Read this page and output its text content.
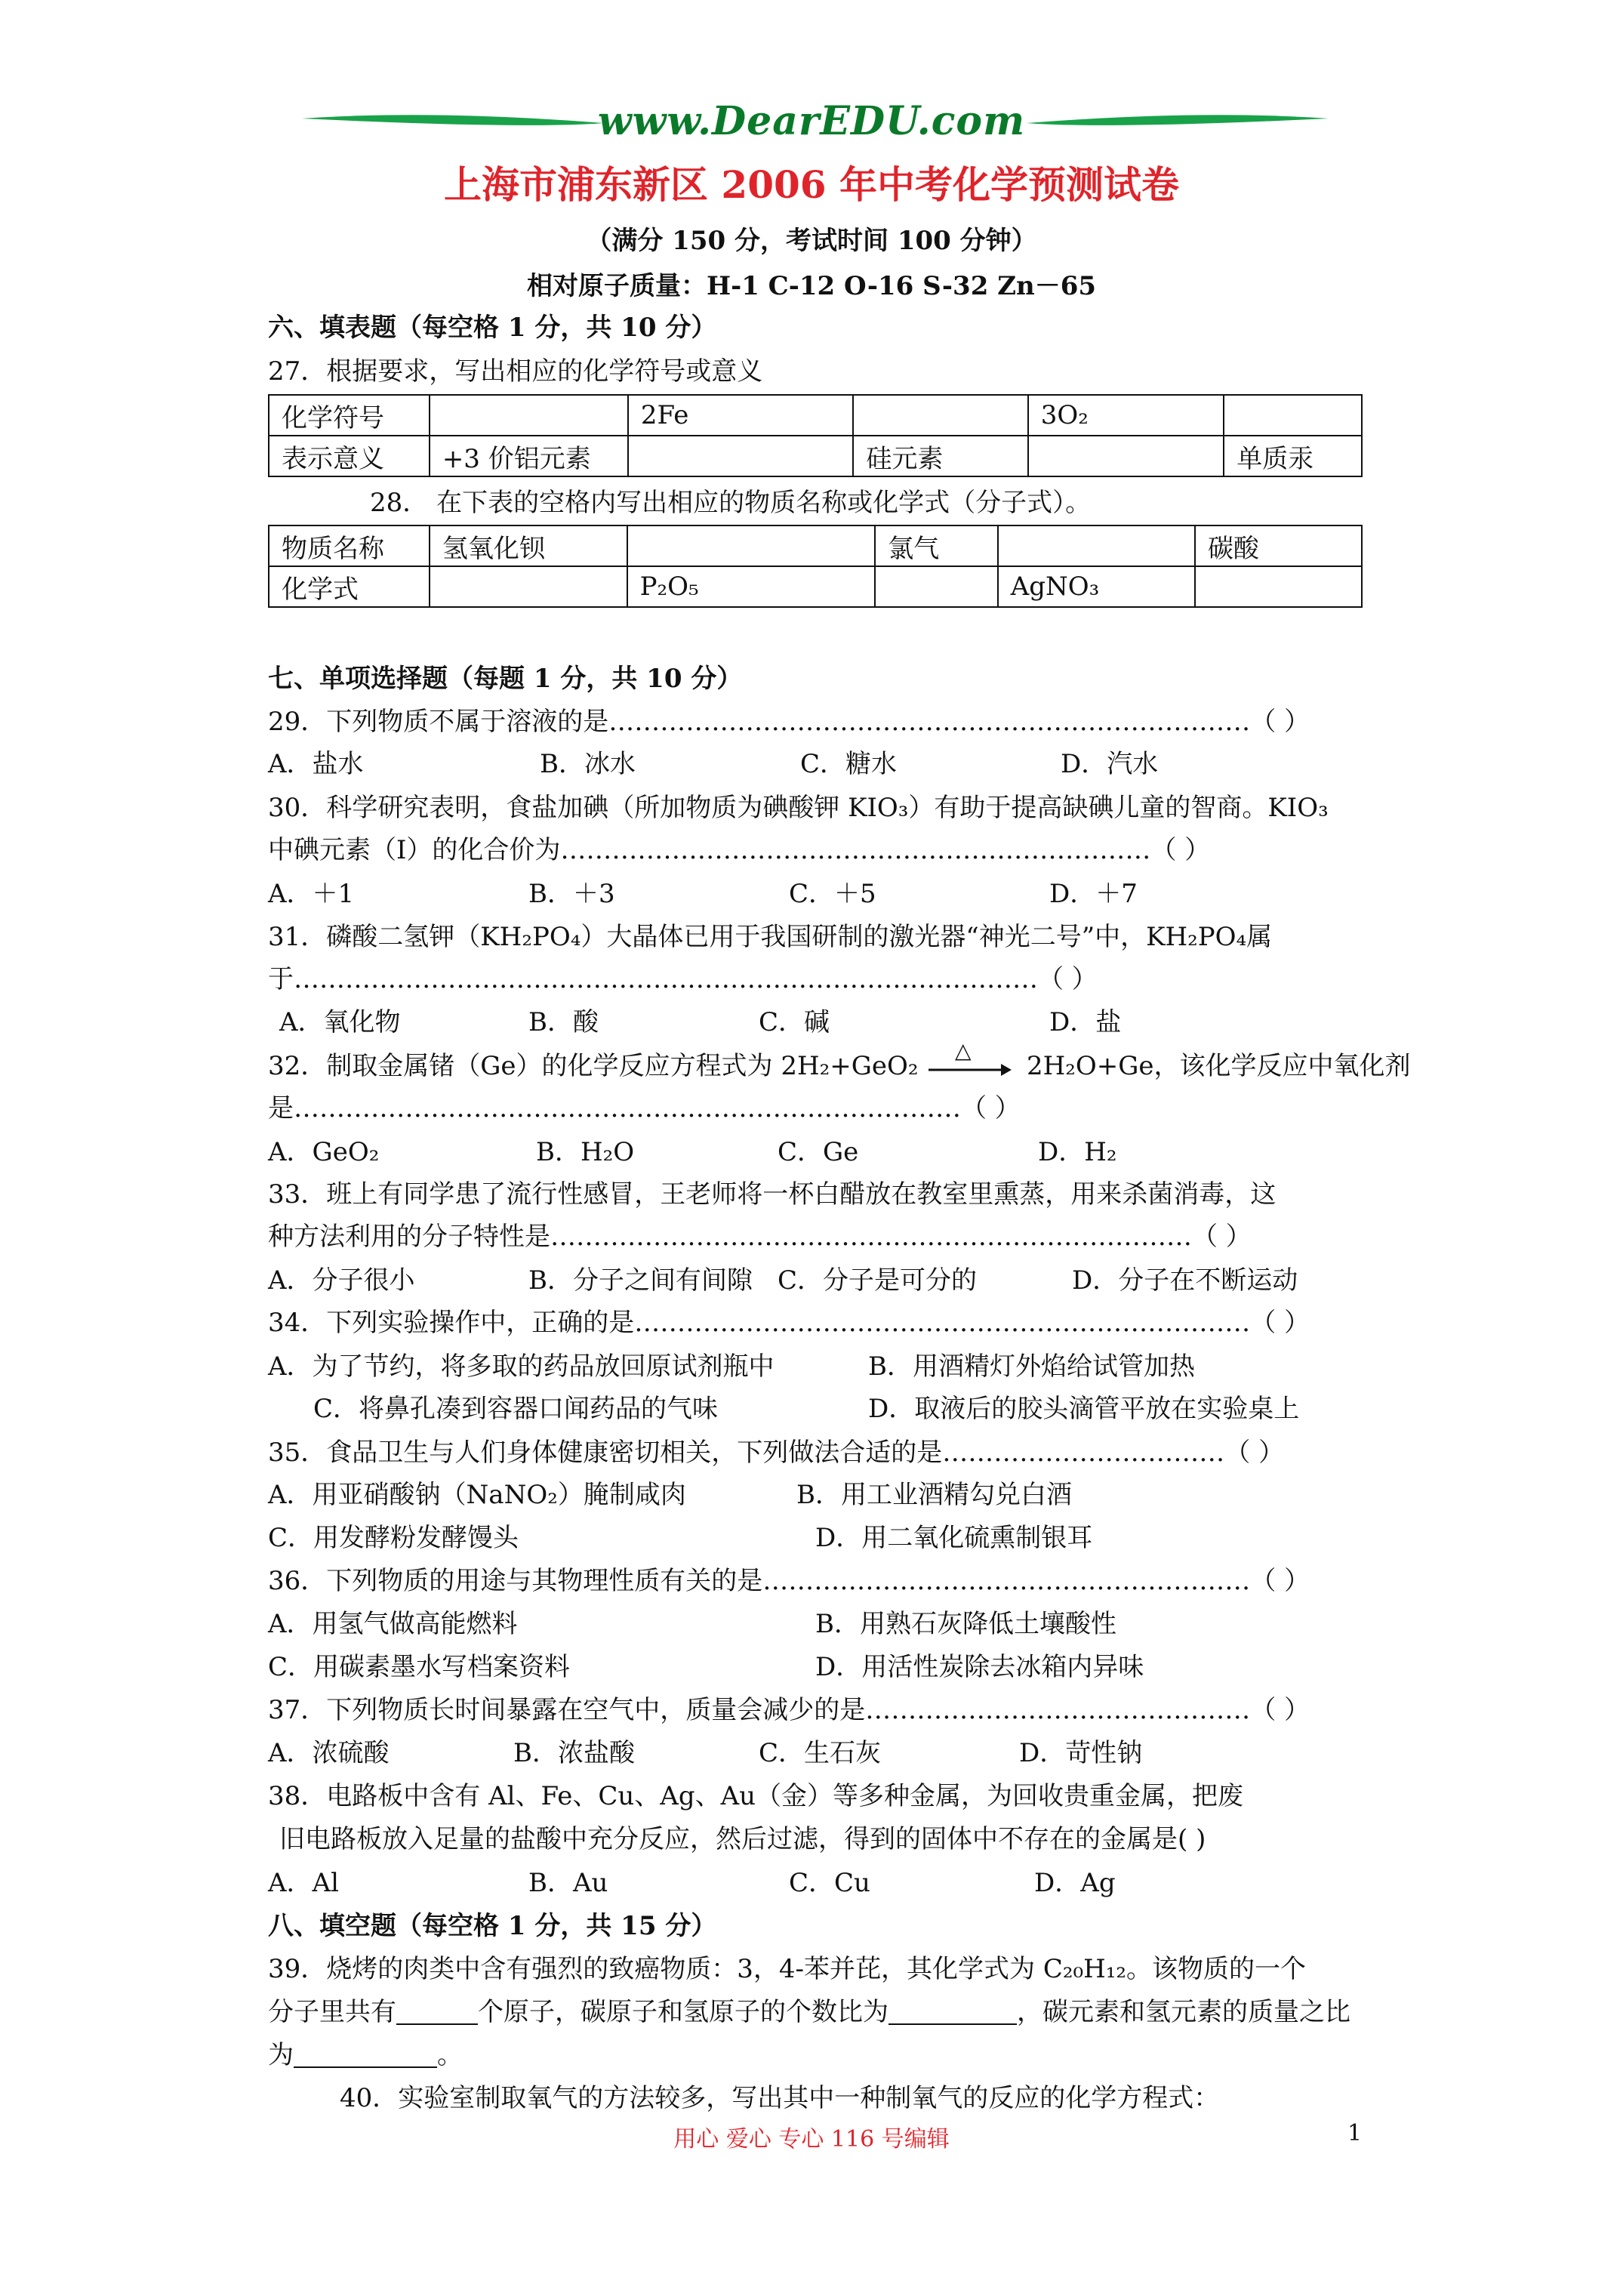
www.DearEDU.com
上海市浦东新区 2006 年中考化学预测试卷
（满分 150 分，考试时间 100 分钟）
相对原子质量：H-1 C-12 O-16 S-32 Zn－65
六、填表题（每空格 1 分，共 10 分）
27．根据要求，写出相应的化学符号或意义
化学符号		2Fe		3O₂	
表示意义	+3 价铝元素		硅元素		单质汞
28． 在下表的空格内写出相应的物质名称或化学式（分子式）。
物质名称	氢氧化钡		氯气		碳酸
化学式		P₂O₅		AgNO₃	
七、单项选择题（每题 1 分，共 10 分）
29．下列物质不属于溶液的是…………………………………………………………………（ ）
A．盐水	B．冰水	C．糖水	D．汽水
30．科学研究表明，食盐加碘（所加物质为碘酸钾 KIO₃）有助于提高缺碘儿童的智商。KIO₃
中碘元素（I）的化合价为……………………………………………………………（ ）
A．＋1	B．＋3	C．＋5	D．＋7
31．磷酸二氢钾（KH₂PO₄）大晶体已用于我国研制的激光器“神光二号”中，KH₂PO₄属
于……………………………………………………………………………（ ）
A．氧化物	B．酸	C．碱	D．盐
32．制取金属锗（Ge）的化学反应方程式为 2H₂+GeO₂
△
2H₂O+Ge，该化学反应中氧化剂
是……………………………………………………………………（ ）
A．GeO₂	B．H₂O	C．Ge	D．H₂
33．班上有同学患了流行性感冒，王老师将一杯白醋放在教室里熏蒸，用来杀菌消毒，这
种方法利用的分子特性是…………………………………………………………………（ ）
A．分子很小	B．分子之间有间隙 C．分子是可分的	D．分子在不断运动
34．下列实验操作中，正确的是………………………………………………………………（ ）
A．为了节约，将多取的药品放回原试剂瓶中	B．用酒精灯外焰给试管加热
C．将鼻孔凑到容器口闻药品的气味	D．取液后的胶头滴管平放在实验桌上
35．食品卫生与人们身体健康密切相关，下列做法合适的是……………………………（ ）
A．用亚硝酸钠（NaNO₂）腌制咸肉	B．用工业酒精勾兑白酒
C．用发酵粉发酵馒头	D．用二氧化硫熏制银耳
36．下列物质的用途与其物理性质有关的是…………………………………………………（ ）
A．用氢气做高能燃料	B．用熟石灰降低土壤酸性
C．用碳素墨水写档案资料	D．用活性炭除去冰箱内异味
37．下列物质长时间暴露在空气中，质量会减少的是………………………………………（ ）
A．浓硫酸	B．浓盐酸	C．生石灰	D．苛性钠
38．电路板中含有 Al、Fe、Cu、Ag、Au（金）等多种金属，为回收贵重金属，把废
旧电路板放入足量的盐酸中充分反应，然后过滤，得到的固体中不存在的金属是( )
A．Al	B．Au	C．Cu	D．Ag
八、填空题（每空格 1 分，共 15 分）
39．烧烤的肉类中含有强烈的致癌物质：3，4-苯并芘，其化学式为 C₂₀H₁₂。该物质的一个
分子里共有	个原子，碳原子和氢原子的个数比为	，碳元素和氢元素的质量之比
为	。
40．实验室制取氧气的方法较多，写出其中一种制氧气的反应的化学方程式：
用心 爱心 专心 116 号编辑	1
